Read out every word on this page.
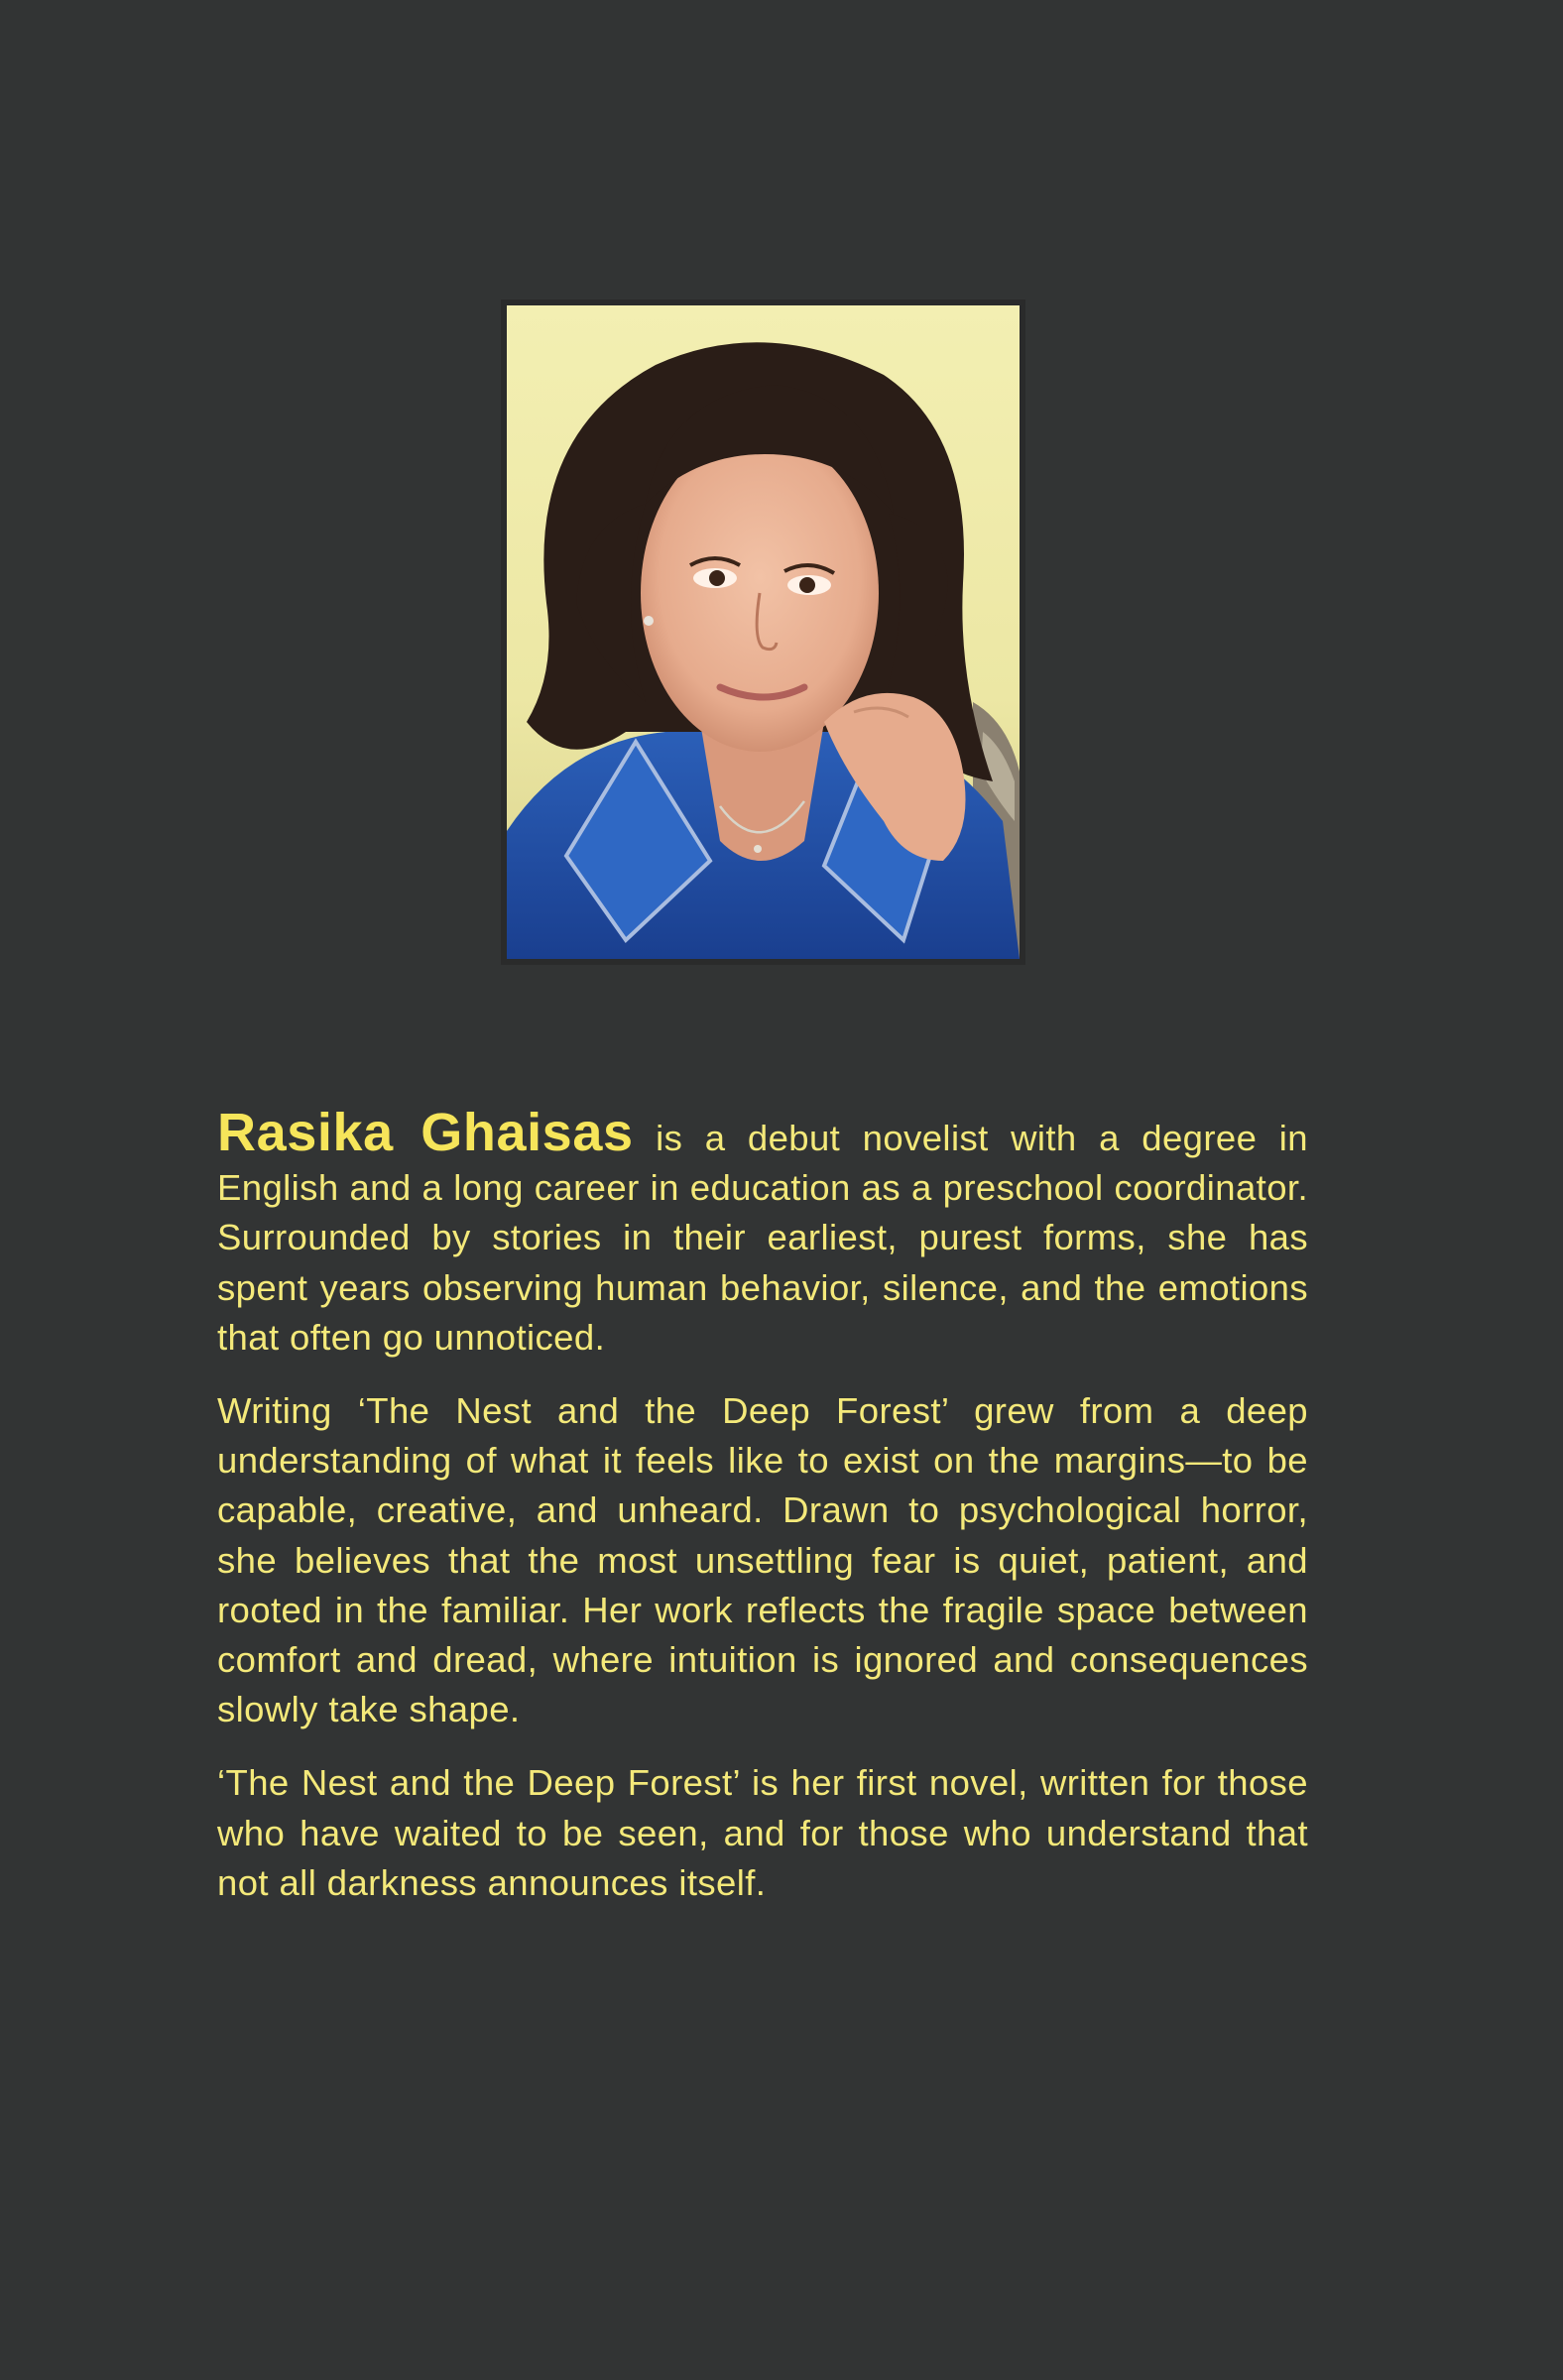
Rasika Ghaisas is a debut novelist with a degree in English and a long career in education as a preschool coordinator. Surrounded by stories in their earliest, purest forms, she has spent years observing human behavior, silence, and the emotions that often go unnoticed.

Writing ‘The Nest and the Deep Forest’ grew from a deep understanding of what it feels like to exist on the margins—to be capable, creative, and unheard. Drawn to psychological horror, she believes that the most unsettling fear is quiet, patient, and rooted in the familiar. Her work reflects the fragile space between comfort and dread, where intuition is ignored and consequences slowly take shape.

‘The Nest and the Deep Forest’ is her first novel, written for those who have waited to be seen, and for those who understand that not all darkness announces itself.
